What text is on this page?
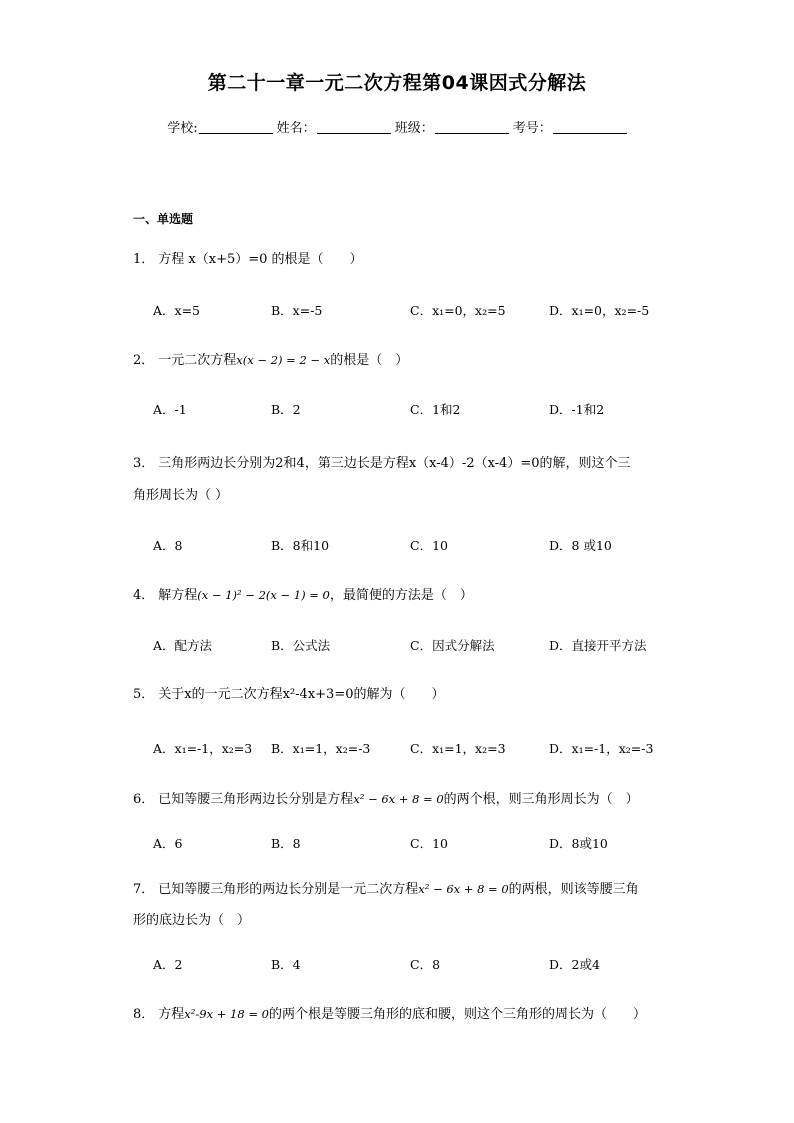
第二十一章一元二次方程第04课因式分解法
学校:	姓名：	班级：	考号：
一、单选题
1． 方程 x（x+5）=0 的根是（　　）
A．x=5	B．x=-5	C．x₁=0，x₂=5	D．x₁=0，x₂=-5
2． 一元二次方程x(x − 2) = 2 − x的根是（　）
A．-1	B．2	C．1和2	D．-1和2
3． 三角形两边长分别为2和4，第三边长是方程x（x-4）-2（x-4）=0的解，则这个三
角形周长为（ ）
A．8	B．8和10	C．10	D．8 或10
4． 解方程(x − 1)² − 2(x − 1) = 0，最简便的方法是（　）
A．配方法	B．公式法	C．因式分解法	D．直接开平方法
5． 关于x的一元二次方程x²-4x+3=0的解为（　　）
A．x₁=-1，x₂=3 B．x₁=1，x₂=-3	C．x₁=1，x₂=3	D．x₁=-1，x₂=-3
6． 已知等腰三角形两边长分别是方程x² − 6x + 8 = 0的两个根，则三角形周长为（　）
A．6	B．8	C．10	D．8或10
7． 已知等腰三角形的两边长分别是一元二次方程x² − 6x + 8 = 0的两根，则该等腰三角
形的底边长为（　）
A．2	B．4	C．8	D．2或4
8． 方程x²-9x + 18 = 0的两个根是等腰三角形的底和腰，则这个三角形的周长为（　　）
